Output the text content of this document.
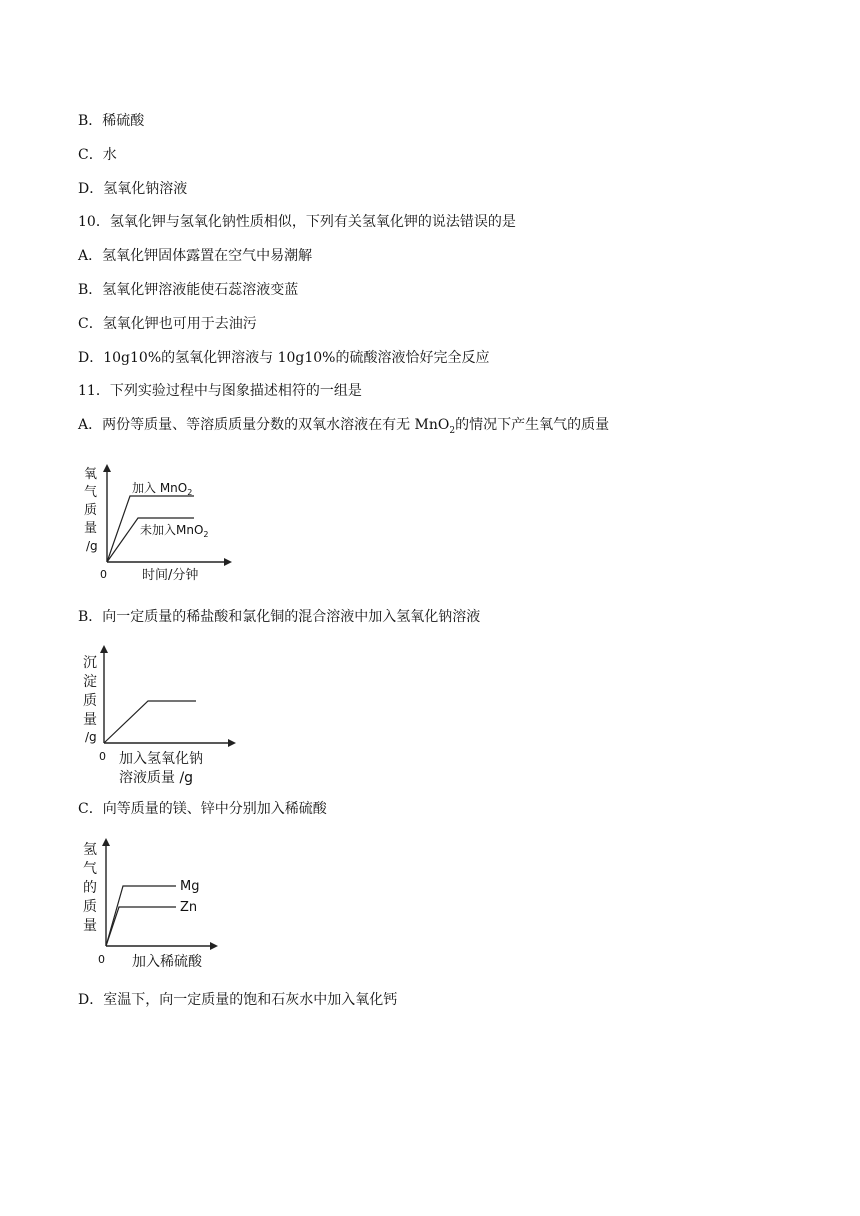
B．稀硫酸
C．水
D．氢氧化钠溶液
10．氢氧化钾与氢氧化钠性质相似，下列有关氢氧化钾的说法错误的是
A．氢氧化钾固体露置在空气中易潮解
B．氢氧化钾溶液能使石蕊溶液变蓝
C．氢氧化钾也可用于去油污
D．10g10%的氢氧化钾溶液与 10g10%的硫酸溶液恰好完全反应
11．下列实验过程中与图象描述相符的一组是
A．两份等质量、等溶质质量分数的双氧水溶液在有无 MnO$_2$的情况下产生氧气的质量
氧
气
质
量
/g
0	时间/分钟
加入 MnO$_2$
未加入MnO$_2$
B．向一定质量的稀盐酸和氯化铜的混合溶液中加入氢氧化钠溶液
沉
淀
质
量
/g
0 加入氢氧化钠
溶液质量 /g
C．向等质量的镁、锌中分别加入稀硫酸
氢
气
的
质
量
0 加入稀硫酸
Mg
Zn
D．室温下，向一定质量的饱和石灰水中加入氧化钙
